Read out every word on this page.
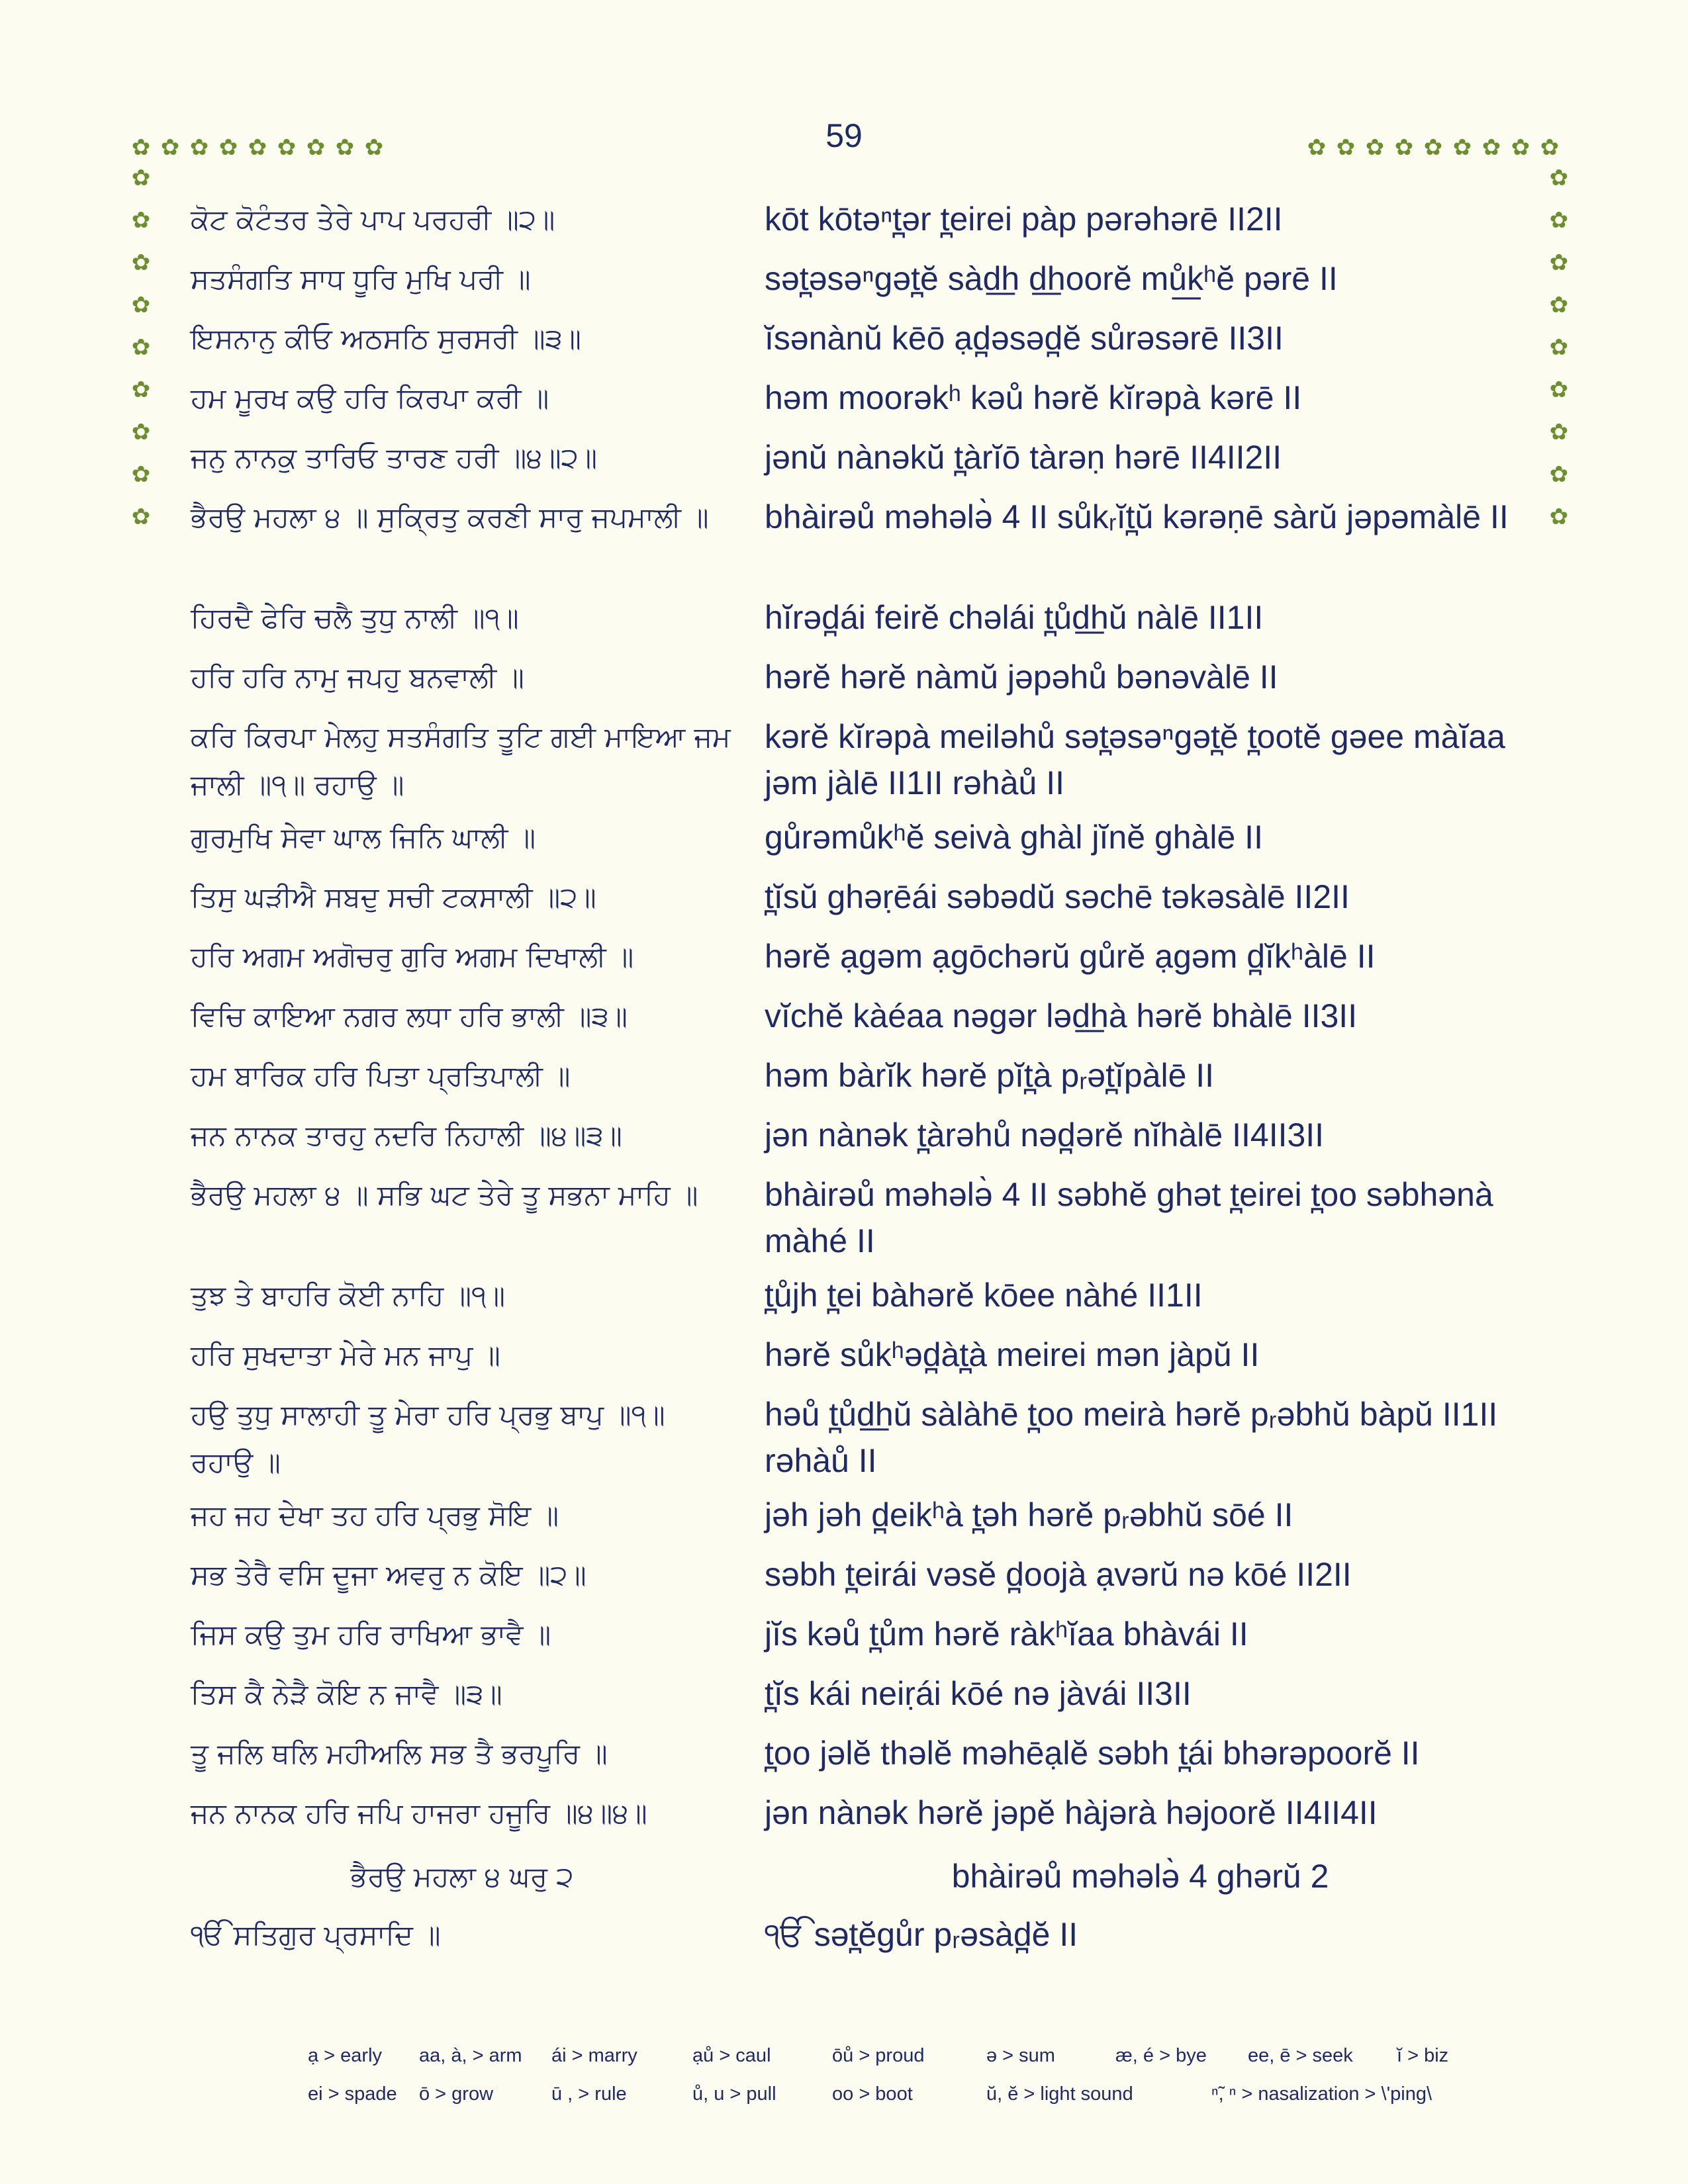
59
✿ ✿ ✿ ✿ ✿ ✿ ✿ ✿ ✿	✿ ✿ ✿ ✿ ✿ ✿ ✿ ✿ ✿
✿
✿
✿
✿
✿
✿
✿
✿
✿
✿
✿
✿
✿
✿
✿
✿
✿
✿
ਕੋਟ ਕੋਟੰਤਰ ਤੇਰੇ ਪਾਪ ਪਰਹਰੀ ॥੨॥	kōt kōtəⁿt̪ər t̪eirei pàp pərəhərē II2II
ਸਤਸੰਗਤਿ ਸਾਧ ਧੂਰਿ ਮੁਖਿ ਪਰੀ ॥	sət̪əsəⁿgət̪ĕ sàd͟h d͟hoorĕ mů͟kʰĕ pərē II
ਇਸਨਾਨੁ ਕੀਓ ਅਠਸਠਿ ਸੁਰਸਰੀ ॥੩॥	ĭsənànŭ kēō ạd̪əsəd̪ĕ sůrəsərē II3II
ਹਮ ਮੂਰਖ ਕਉ ਹਰਿ ਕਿਰਪਾ ਕਰੀ ॥	həm moorəkʰ kəů hərĕ kĭrəpà kərē II
ਜਨੁ ਨਾਨਕੁ ਤਾਰਿਓ ਤਾਰਣ ਹਰੀ ॥੪॥੨॥	jənŭ nànəkŭ t̪àrĭō tàrəṇ hərē II4II2II
ਭੈਰਉ ਮਹਲਾ ੪ ॥ ਸੁਕ੍ਰਿਤੁ ਕਰਣੀ ਸਾਰੁ ਜਪਮਾਲੀ ॥	bhàirəů məhələ̀ 4 II sůkᵣĭt̪ŭ kərəṇē sàrŭ jəpəmàlē II
ਹਿਰਦੈ ਫੇਰਿ ਚਲੈ ਤੁਧੁ ਨਾਲੀ ॥੧॥	hĭrəd̪ái feirĕ chəlái t̪ůd͟hŭ nàlē II1II
ਹਰਿ ਹਰਿ ਨਾਮੁ ਜਪਹੁ ਬਨਵਾਲੀ ॥	hərĕ hərĕ nàmŭ jəpəhů bənəvàlē II
ਕਰਿ ਕਿਰਪਾ ਮੇਲਹੁ ਸਤਸੰਗਤਿ ਤੂਟਿ ਗਈ ਮਾਇਆ ਜਮ ਜਾਲੀ ॥੧॥ ਰਹਾਉ ॥
kərĕ kĭrəpà meiləhů sət̪əsəⁿgət̪ĕ t̪ootĕ gəee màĭaa jəm jàlē II1II rəhàů II
ਗੁਰਮੁਖਿ ਸੇਵਾ ਘਾਲ ਜਿਨਿ ਘਾਲੀ ॥	gůrəmůkʰĕ seivà ghàl jĭnĕ ghàlē II
ਤਿਸੁ ਘੜੀਐ ਸਬਦੁ ਸਚੀ ਟਕਸਾਲੀ ॥੨॥	t̪ĭsŭ ghəṛēái səbədŭ səchē təkəsàlē II2II
ਹਰਿ ਅਗਮ ਅਗੋਚਰੁ ਗੁਰਿ ਅਗਮ ਦਿਖਾਲੀ ॥	hərĕ ạgəm ạgōchərŭ gůrĕ ạgəm d̪ĭkʰàlē II
ਵਿਚਿ ਕਾਇਆ ਨਗਰ ਲਧਾ ਹਰਿ ਭਾਲੀ ॥੩॥	vĭchĕ kàéaa nəgər ləd͟hà hərĕ bhàlē II3II
ਹਮ ਬਾਰਿਕ ਹਰਿ ਪਿਤਾ ਪ੍ਰਤਿਪਾਲੀ ॥	həm bàrĭk hərĕ pĭt̪à pᵣət̪ĭpàlē II
ਜਨ ਨਾਨਕ ਤਾਰਹੁ ਨਦਰਿ ਨਿਹਾਲੀ ॥੪॥੩॥	jən nànək t̪àrəhů nəd̪ərĕ nĭhàlē II4II3II
ਭੈਰਉ ਮਹਲਾ ੪ ॥ ਸਭਿ ਘਟ ਤੇਰੇ ਤੂ ਸਭਨਾ ਮਾਹਿ ॥	bhàirəů məhələ̀ 4 II səbhĕ ghət t̪eirei t̪oo səbhənà màhé II
ਤੁਝ ਤੇ ਬਾਹਰਿ ਕੋਈ ਨਾਹਿ ॥੧॥	t̪ůjh t̪ei bàhərĕ kōee nàhé II1II
ਹਰਿ ਸੁਖਦਾਤਾ ਮੇਰੇ ਮਨ ਜਾਪੁ ॥	hərĕ sůkʰəd̪àt̪à meirei mən jàpŭ II
ਹਉ ਤੁਧੁ ਸਾਲਾਹੀ ਤੂ ਮੇਰਾ ਹਰਿ ਪ੍ਰਭੁ ਬਾਪੁ ॥੧॥ ਰਹਾਉ ॥
həů t̪ůd͟hŭ sàlàhē t̪oo meirà hərĕ pᵣəbhŭ bàpŭ II1II rəhàů II
ਜਹ ਜਹ ਦੇਖਾ ਤਹ ਹਰਿ ਪ੍ਰਭੁ ਸੋਇ ॥	jəh jəh d̪eikʰà t̪əh hərĕ pᵣəbhŭ sōé II
ਸਭ ਤੇਰੈ ਵਸਿ ਦੂਜਾ ਅਵਰੁ ਨ ਕੋਇ ॥੨॥	səbh t̪eirái vəsĕ d̪oojà ạvərŭ nə kōé II2II
ਜਿਸ ਕਉ ਤੁਮ ਹਰਿ ਰਾਖਿਆ ਭਾਵੈ ॥	jĭs kəů t̪ům hərĕ ràkʰĭaa bhàvái II
ਤਿਸ ਕੈ ਨੇੜੈ ਕੋਇ ਨ ਜਾਵੈ ॥੩॥	t̪ĭs kái neiṛái kōé nə jàvái II3II
ਤੂ ਜਲਿ ਥਲਿ ਮਹੀਅਲਿ ਸਭ ਤੈ ਭਰਪੂਰਿ ॥	t̪oo jəlĕ thəlĕ məhēạlĕ səbh t̪ái bhərəpoorĕ II
ਜਨ ਨਾਨਕ ਹਰਿ ਜਪਿ ਹਾਜਰਾ ਹਜੂਰਿ ॥੪॥੪॥	jən nànək hərĕ jəpĕ hàjərà həjoorĕ II4II4II
ਭੈਰਉ ਮਹਲਾ ੪ ਘਰੁ ੨	bhàirəů məhələ̀ 4 ghərŭ 2
ੴ ਸਤਿਗੁਰ ਪ੍ਰਸਾਦਿ ॥	ੴ sət̪ĕgůr pᵣəsàd̪ĕ II
ạ > early aa, à, > arm ái > marry	ạů > caul	ōů > proud	ə > sum	æ, é > bye ee, ē > seek ĭ > biz
ei > spade ō > grow	ū , > rule	ů, u > pull	oo > boot	ŭ, ĕ > light sound	ⁿ̃, ⁿ > nasalization > \'ping\
